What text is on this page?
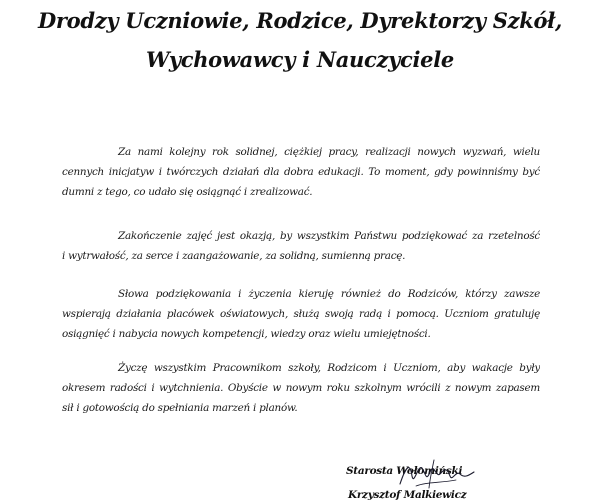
Drodzy Uczniowie, Rodzice, Dyrektorzy Szkół,
Wychowawcy i Nauczyciele
Za nami kolejny rok solidnej, ciężkiej pracy, realizacji nowych wyzwań, wielu
cennych inicjatyw i twórczych działań dla dobra edukacji. To moment, gdy powinniśmy być
dumni z tego, co udało się osiągnąć i zrealizować.
Zakończenie zajęć jest okazją, by wszystkim Państwu podziękować za rzetelność
i wytrwałość, za serce i zaangażowanie, za solidną, sumienną pracę.
Słowa podziękowania i życzenia kieruję również do Rodziców, którzy zawsze
wspierają działania placówek oświatowych, służą swoją radą i pomocą. Uczniom gratuluję
osiągnięć i nabycia nowych kompetencji, wiedzy oraz wielu umiejętności.
Życzę wszystkim Pracownikom szkoły, Rodzicom i Uczniom, aby wakacje były
okresem radości i wytchnienia. Obyście w nowym roku szkolnym wrócili z nowym zapasem
sił i gotowością do spełniania marzeń i planów.
Starosta Wołomiński
Krzysztof Malkiewicz
